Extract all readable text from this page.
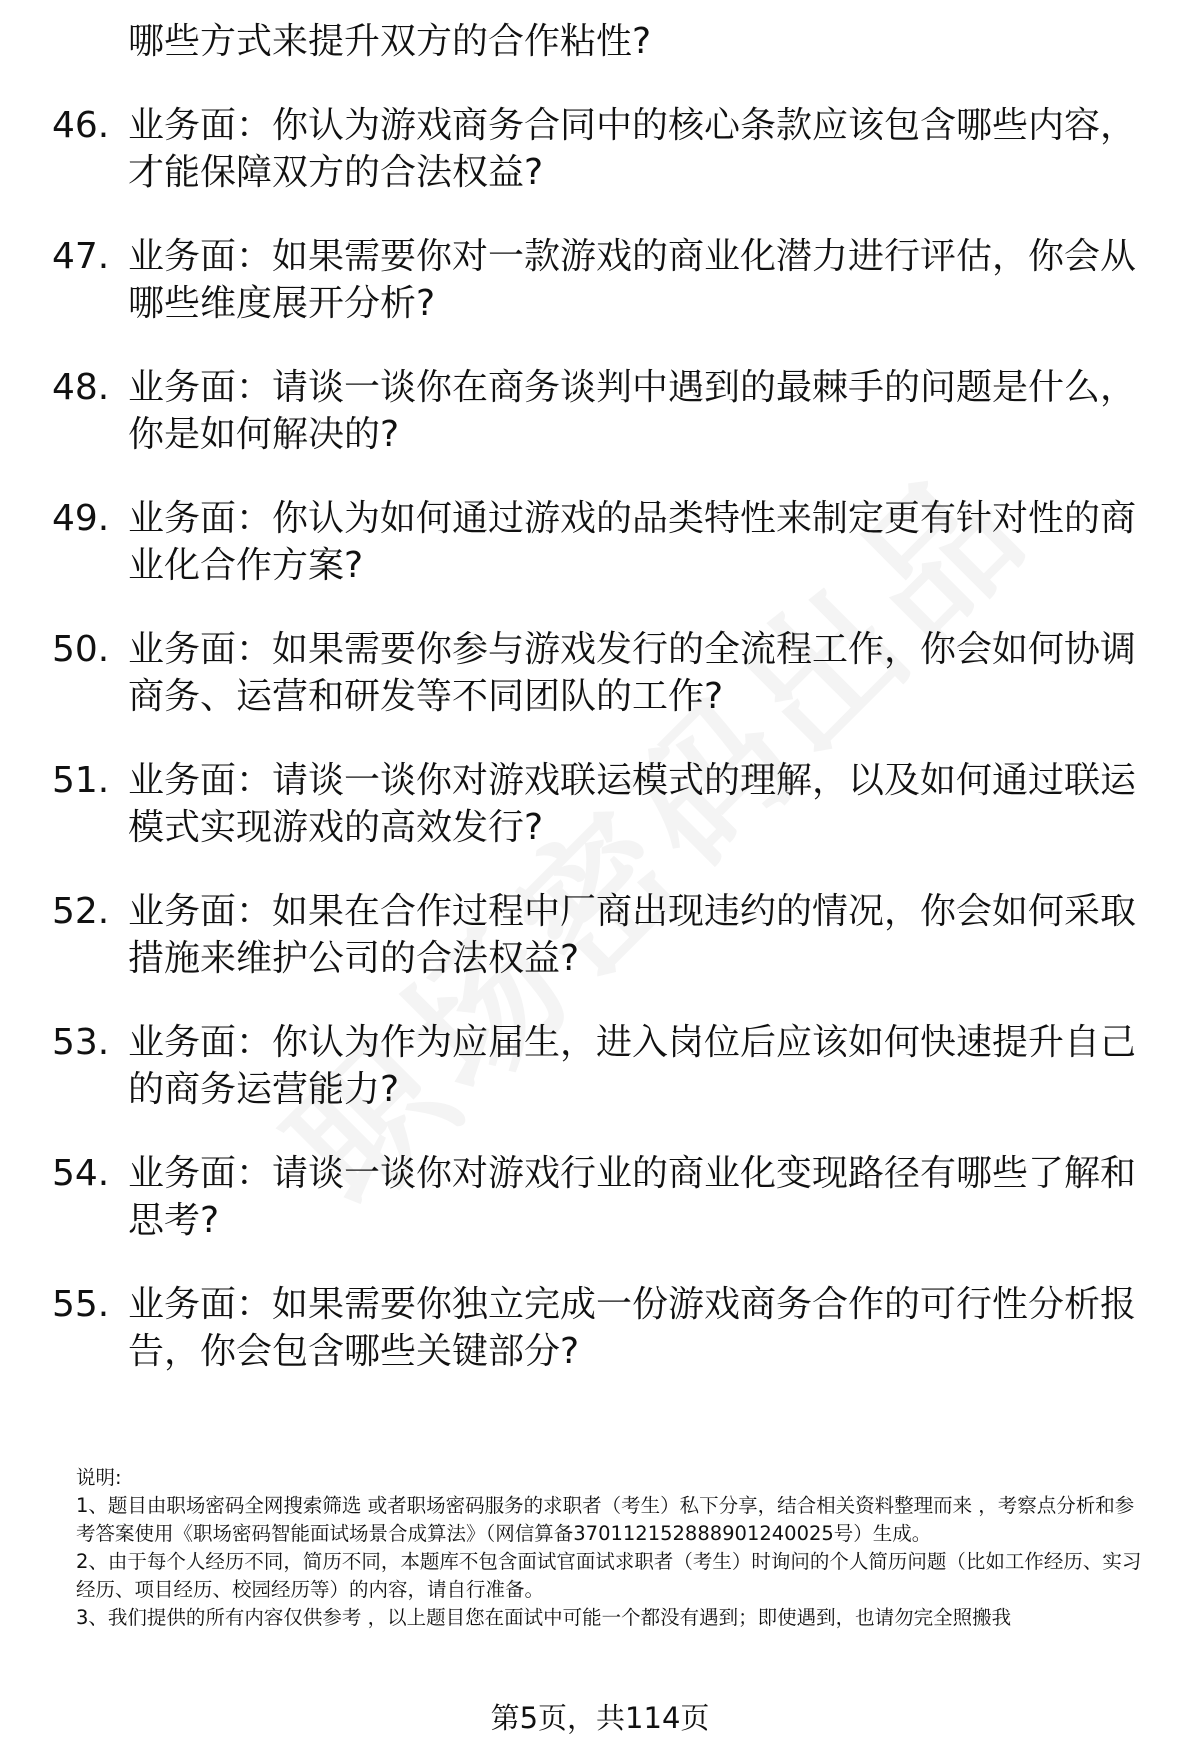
哪些方式来提升双方的合作粘性?
46. 业务面：你认为游戏商务合同中的核心条款应该包含哪些内容，才能保障双方的合法权益?
47. 业务面：如果需要你对一款游戏的商业化潜力进行评估，你会从哪些维度展开分析?
48. 业务面：请谈一谈你在商务谈判中遇到的最棘手的问题是什么，你是如何解决的?
49. 业务面：你认为如何通过游戏的品类特性来制定更有针对性的商业化合作方案?
50. 业务面：如果需要你参与游戏发行的全流程工作，你会如何协调商务、运营和研发等不同团队的工作?
51. 业务面：请谈一谈你对游戏联运模式的理解，以及如何通过联运模式实现游戏的高效发行?
52. 业务面：如果在合作过程中厂商出现违约的情况，你会如何采取措施来维护公司的合法权益?
53. 业务面：你认为作为应届生，进入岗位后应该如何快速提升自己的商务运营能力?
54. 业务面：请谈一谈你对游戏行业的商业化变现路径有哪些了解和思考?
55. 业务面：如果需要你独立完成一份游戏商务合作的可行性分析报告，你会包含哪些关键部分?

说明:

1、题目由职场密码全网搜索筛选 或者职场密码服务的求职者（考生）私下分享，结合相关资料整理而来 ，考察点分析和参考答案使用《职场密码智能面试场景合成算法》（网信算备370112152888901240025号）生成。

2、由于每个人经历不同，简历不同，本题库不包含面试官面试求职者（考生）时询问的个人简历问题（比如工作经历、实习经历、项目经历、校园经历等）的内容，请自行准备。

3、我们提供的所有内容仅供参考 ，以上题目您在面试中可能一个都没有遇到；即使遇到，也请勿完全照搬我

第5页，共114页
